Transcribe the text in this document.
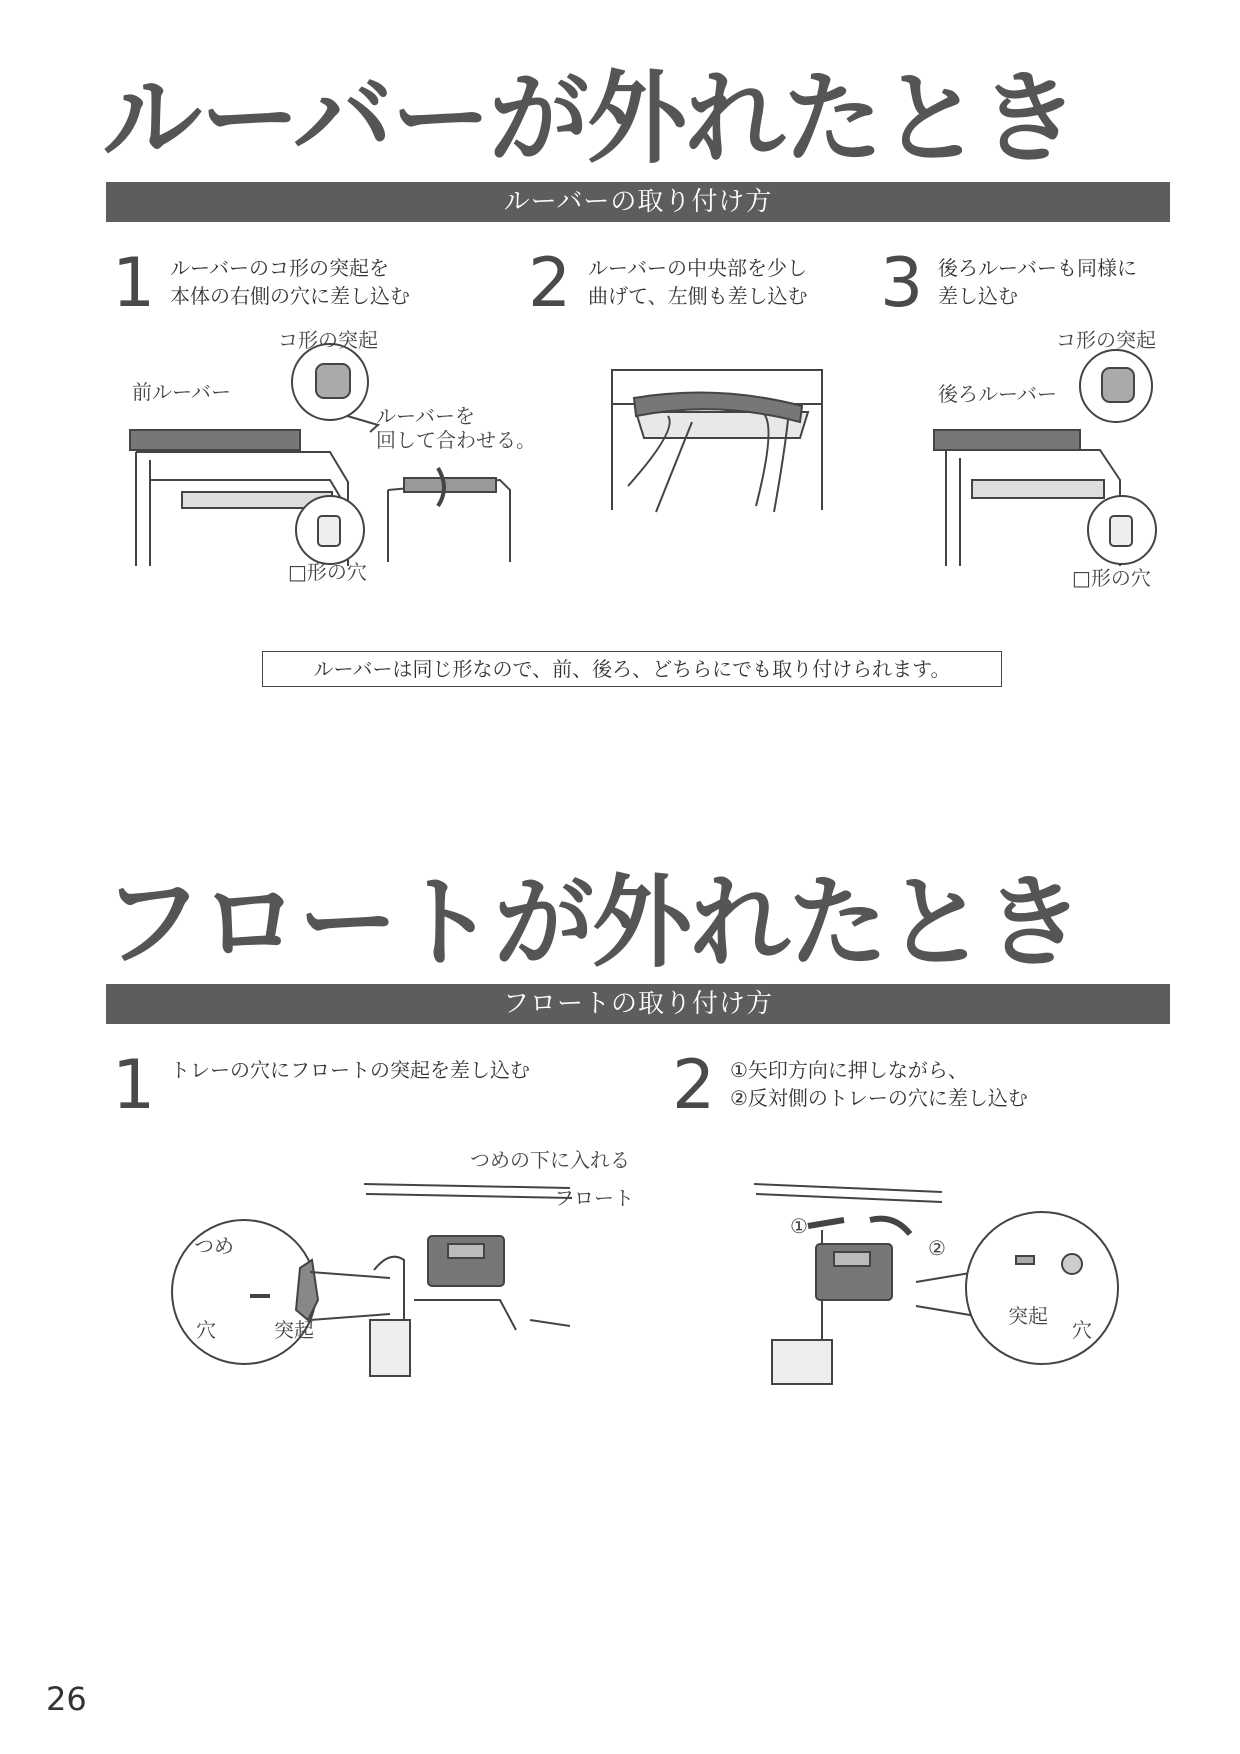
ルーバーが外れたとき
ルーバーの取り付け方
1 ルーバーのコ形の突起を
本体の右側の穴に差し込む	2 ルーバーの中央部を少し
曲げて、左側も差し込む	3 後ろルーバーも同様に
差し込む
コ形の突起
前ルーバー
ルーバーを
回して合わせる。
□形の穴
コ形の突起
後ろルーバー
□形の穴
ルーバーは同じ形なので、前、後ろ、どちらにでも取り付けられます。
フロートが外れたとき
フロートの取り付け方
1 トレーの穴にフロートの突起を差し込む	2 ①矢印方向に押しながら、
②反対側のトレーの穴に差し込む
つめの下に入れる
フロート
つめ
穴	突起
①
②
突起
穴
26
